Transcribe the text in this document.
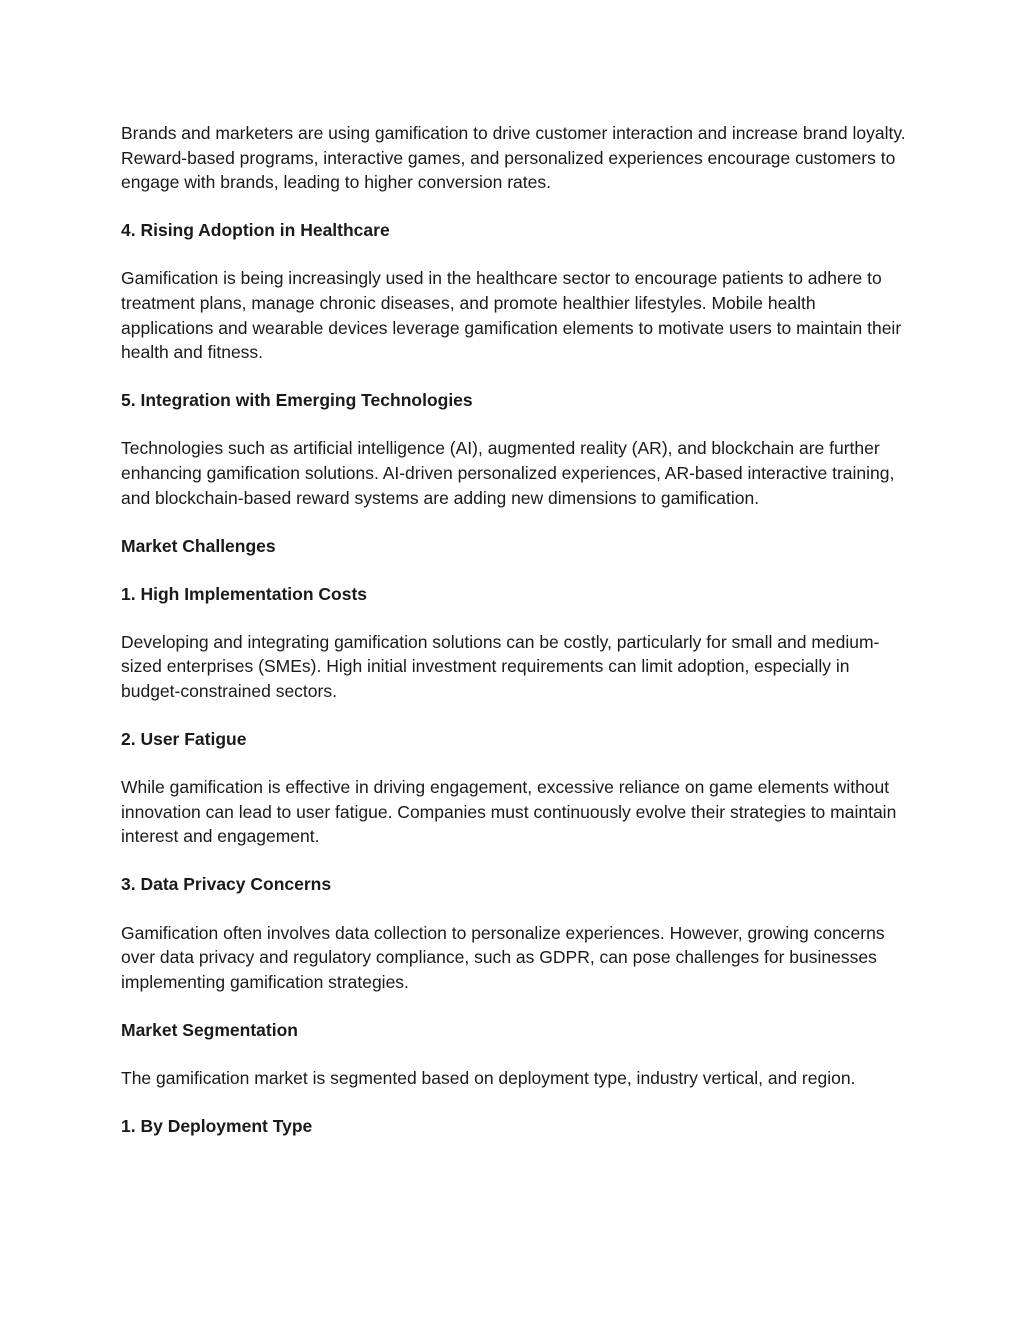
Brands and marketers are using gamification to drive customer interaction and increase brand loyalty. Reward-based programs, interactive games, and personalized experiences encourage customers to engage with brands, leading to higher conversion rates.

4. Rising Adoption in Healthcare

Gamification is being increasingly used in the healthcare sector to encourage patients to adhere to treatment plans, manage chronic diseases, and promote healthier lifestyles. Mobile health applications and wearable devices leverage gamification elements to motivate users to maintain their health and fitness.

5. Integration with Emerging Technologies

Technologies such as artificial intelligence (AI), augmented reality (AR), and blockchain are further enhancing gamification solutions. AI-driven personalized experiences, AR-based interactive training, and blockchain-based reward systems are adding new dimensions to gamification.

Market Challenges

1. High Implementation Costs

Developing and integrating gamification solutions can be costly, particularly for small and medium-sized enterprises (SMEs). High initial investment requirements can limit adoption, especially in budget-constrained sectors.

2. User Fatigue

While gamification is effective in driving engagement, excessive reliance on game elements without innovation can lead to user fatigue. Companies must continuously evolve their strategies to maintain interest and engagement.

3. Data Privacy Concerns

Gamification often involves data collection to personalize experiences. However, growing concerns over data privacy and regulatory compliance, such as GDPR, can pose challenges for businesses implementing gamification strategies.

Market Segmentation

The gamification market is segmented based on deployment type, industry vertical, and region.

1. By Deployment Type
